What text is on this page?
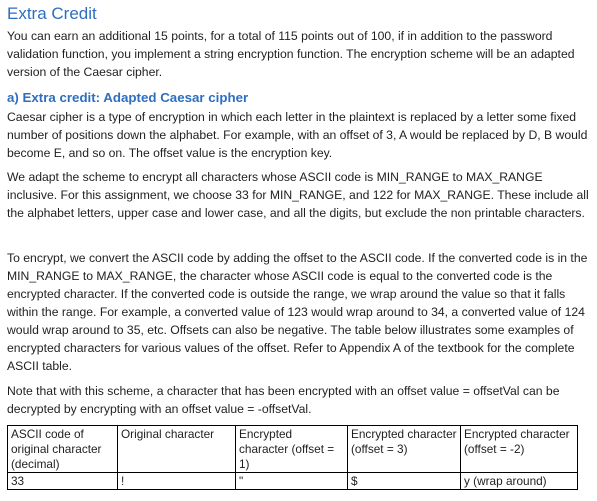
Extra Credit
You can earn an additional 15 points, for a total of 115 points out of 100, if in addition to the password validation function, you implement a string encryption function. The encryption scheme will be an adapted version of the Caesar cipher.
a) Extra credit: Adapted Caesar cipher
Caesar cipher is a type of encryption in which each letter in the plaintext is replaced by a letter some fixed number of positions down the alphabet. For example, with an offset of 3, A would be replaced by D, B would become E, and so on. The offset value is the encryption key.
We adapt the scheme to encrypt all characters whose ASCII code is MIN_RANGE to MAX_RANGE inclusive. For this assignment, we choose 33 for MIN_RANGE, and 122 for MAX_RANGE. These include all the alphabet letters, upper case and lower case, and all the digits, but exclude the non printable characters.
To encrypt, we convert the ASCII code by adding the offset to the ASCII code. If the converted code is in the MIN_RANGE to MAX_RANGE, the character whose ASCII code is equal to the converted code is the encrypted character. If the converted code is outside the range, we wrap around the value so that it falls within the range. For example, a converted value of 123 would wrap around to 34, a converted value of 124 would wrap around to 35, etc. Offsets can also be negative. The table below illustrates some examples of encrypted characters for various values of the offset. Refer to Appendix A of the textbook for the complete ASCII table.
Note that with this scheme, a character that has been encrypted with an offset value = offsetVal can be decrypted by encrypting with an offset value = -offsetVal.
ASCII code of original character (decimal)	Original character	Encrypted character (offset = 1)	Encrypted character (offset = 3)	Encrypted character (offset = -2)
33	!	"	$	y (wrap around)
